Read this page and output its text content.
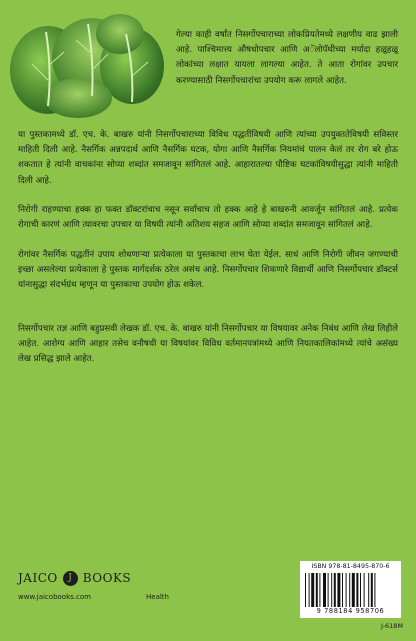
गेल्या काही वर्षांत निसर्गोपचाराच्या लोकप्रियतेमध्ये लक्षणीय वाढ झाली आहे. पाश्चिमात्त्य औषधोपचार आणि अॅलोपॅथीच्या मर्यादा हळूहळू लोकांच्या लक्षात यायला लागल्या आहेत. ते आता रोगांवर उपचार करण्यासाठी निसर्गोपचारांचा उपयोग करू लागले आहेत.

या पुस्तकामध्ये डॉ. एच. के. बाखरु यांनी निसर्गोपचाराच्या विविध पद्धतींविषयी आणि त्यांच्या उपयुक्ततेविषयी सविस्तर माहिती दिली आहे. नैसर्गिक अन्नपदार्थ आणि नैसर्गिक घटक, योगा आणि नैसर्गिक नियमांचं पालन केलं तर रोग बरे होऊ शकतात हे त्यांनी वाचकांना सोप्या शब्दांत समजावून सांगितलं आहे. आहारातल्या पौष्टिक घटकांविषयीसुद्धा त्यांनी माहिती दिली आहे.

निरोगी राहण्याचा हक्क हा फक्त डॉक्टरांचाच नसून सर्वांचाच तो हक्क आहे हे बाखरुनी आवर्जून सांगितलं आहे. प्रत्येक रोगाची कारणं आणि त्यावरचा उपचार या विषयी त्यांनी अतिशय सहज आणि सोप्या शब्दांत समजावून सांगितलं आहे.

रोगांवर नैसर्गिक पद्धतींनं उपाय शोधणाऱ्या प्रत्येकाला या पुस्तकाचा लाभ घेता येईल. साधं आणि निरोगी जीवन जगण्याची इच्छा असलेल्या प्रत्येकाला हे पुस्तक मार्गदर्शक ठरेल असंच आहे. निसर्गोपचार शिकणारे विद्यार्थी आणि निसर्गोपचार डॉक्टर्स यांनासुद्धा संदर्भग्रंथ म्हणून या पुस्तकाचा उपयोग होऊ शकेल.

निसर्गोपचार तज्ञ आणि बहुप्रसवी लेखक डॉ. एच. के. बाखरु यांनी निसर्गोपचार या विषयावर अनेक निबंध आणि लेख लिहीले आहेत. आरोग्य आणि आहार तसेच वनौषधी या विषयांवर विविध वर्तमानपत्रांमध्ये आणि नियतकालिकांमध्ये त्यांचे असंख्य लेख प्रसिद्ध झाले आहेत.

JAICO	J BOOKS
www.jaicobooks.com	Health
ISBN 978-81-8495-870-6
9 788184 958706
J-618M
